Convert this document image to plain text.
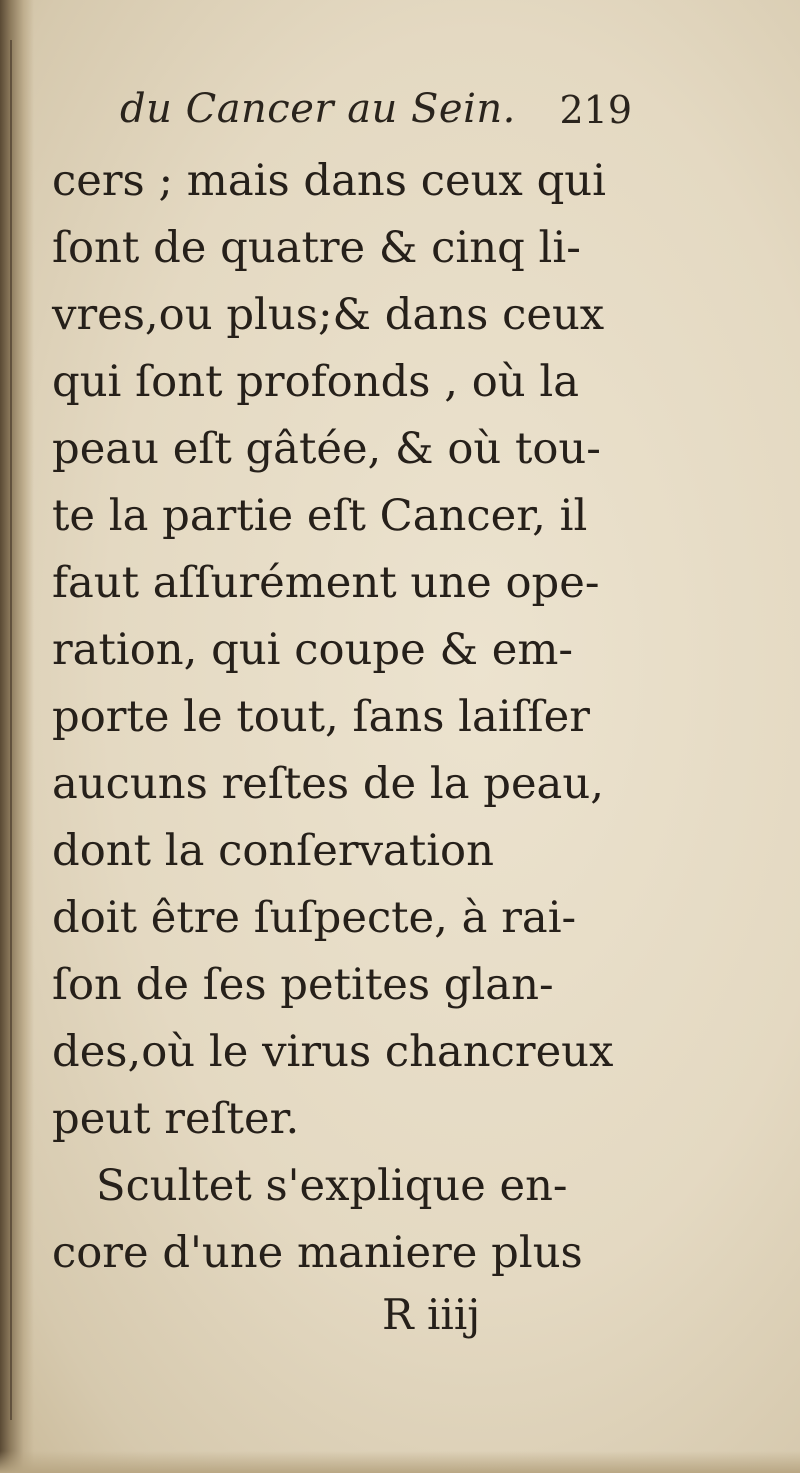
du Cancer au Sein. 219
cers ; mais dans ceux qui
ſont de quatre & cinq li-
vres,ou plus;& dans ceux
qui ſont profonds , où la
peau eſt gâtée, & où tou-
te la partie eſt Cancer, il
faut aſſurément une ope-
ration, qui coupe & em-
porte le tout, ſans laiſſer
aucuns reſtes de la peau,
dont la conſervation
doit être ſuſpecte, à rai-
ſon de ſes petites glan-
des,où le virus chancreux
peut reſter.
Scultet s'explique en-
core d'une maniere plus
R iiij
